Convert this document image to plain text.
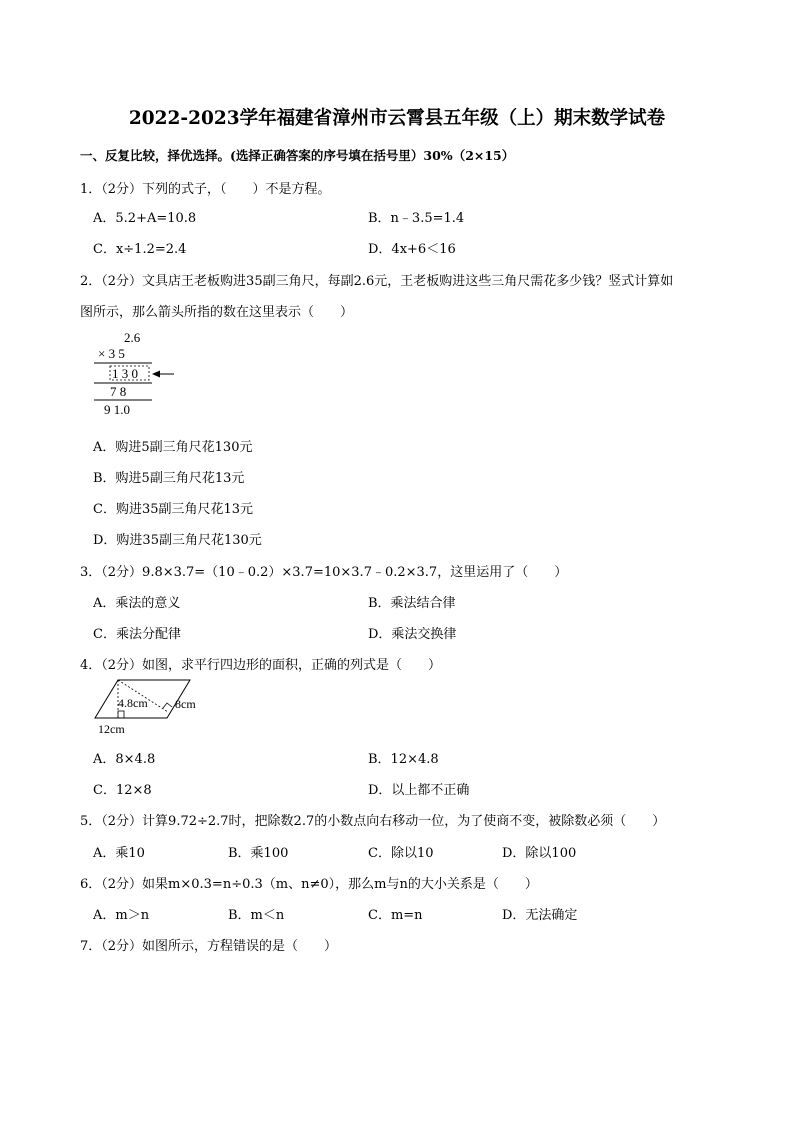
2022-2023学年福建省漳州市云霄县五年级（上）期末数学试卷
一、反复比较，择优选择。(选择正确答案的序号填在括号里）30%（2×15）
1．（2分）下列的式子，（　　）不是方程。
A．5.2+A=10.8	B．n﹣3.5=1.4
C．x÷1.2=2.4	D．4x+6＜16
2．（2分）文具店王老板购进35副三角尺，每副2.6元，王老板购进这些三角尺需花多少钱？竖式计算如
图所示，那么箭头所指的数在这里表示（　　）
2.6
× 3 5
1 3 0
7 8
9 1.0
A．购进5副三角尺花130元
B．购进5副三角尺花13元
C．购进35副三角尺花13元
D．购进35副三角尺花130元
3．（2分）9.8×3.7=（10﹣0.2）×3.7=10×3.7﹣0.2×3.7，这里运用了（　　）
A．乘法的意义	B．乘法结合律
C．乘法分配律	D．乘法交换律
4．（2分）如图，求平行四边形的面积，正确的列式是（　　）
4.8cm 8cm
12cm
A．8×4.8	B．12×4.8
C．12×8	D．以上都不正确
5．（2分）计算9.72÷2.7时，把除数2.7的小数点向右移动一位，为了使商不变，被除数必须（　　）
A．乘10	B．乘100	C．除以10	D．除以100
6．（2分）如果m×0.3=n÷0.3（m、n≠0），那么m与n的大小关系是（　　）
A．m＞n	B．m＜n	C．m=n	D．无法确定
7．（2分）如图所示，方程错误的是（　　）
